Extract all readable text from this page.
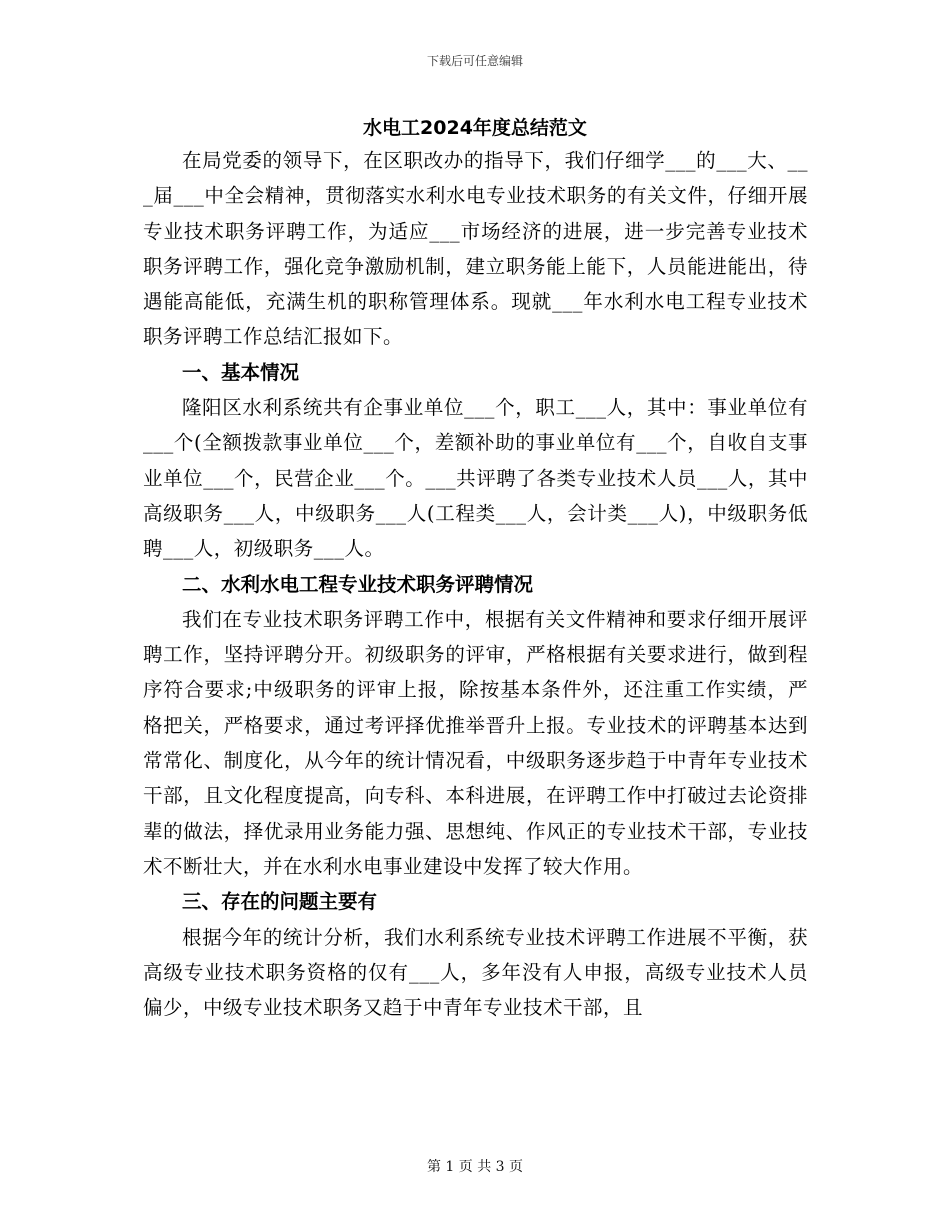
下载后可任意编辑
水电工2024年度总结范文

在局党委的领导下，在区职改办的指导下，我们仔细学___的___大、___届___中全会精神，贯彻落实水利水电专业技术职务的有关文件，仔细开展专业技术职务评聘工作，为适应___市场经济的进展，进一步完善专业技术职务评聘工作，强化竞争激励机制，建立职务能上能下，人员能进能出，待遇能高能低，充满生机的职称管理体系。现就___年水利水电工程专业技术职务评聘工作总结汇报如下。

一、基本情况

隆阳区水利系统共有企事业单位___个，职工___人，其中：事业单位有___个(全额拨款事业单位___个，差额补助的事业单位有___个，自收自支事业单位___个，民营企业___个。___共评聘了各类专业技术人员___人，其中高级职务___人，中级职务___人(工程类___人，会计类___人)，中级职务低聘___人，初级职务___人。

二、水利水电工程专业技术职务评聘情况

我们在专业技术职务评聘工作中，根据有关文件精神和要求仔细开展评聘工作，坚持评聘分开。初级职务的评审，严格根据有关要求进行，做到程序符合要求;中级职务的评审上报，除按基本条件外，还注重工作实绩，严格把关，严格要求，通过考评择优推举晋升上报。专业技术的评聘基本达到常常化、制度化，从今年的统计情况看，中级职务逐步趋于中青年专业技术干部，且文化程度提高，向专科、本科进展，在评聘工作中打破过去论资排辈的做法，择优录用业务能力强、思想纯、作风正的专业技术干部，专业技术不断壮大，并在水利水电事业建设中发挥了较大作用。

三、存在的问题主要有

根据今年的统计分析，我们水利系统专业技术评聘工作进展不平衡，获高级专业技术职务资格的仅有___人，多年没有人申报，高级专业技术人员偏少，中级专业技术职务又趋于中青年专业技术干部，且

第 1 页 共 3 页
